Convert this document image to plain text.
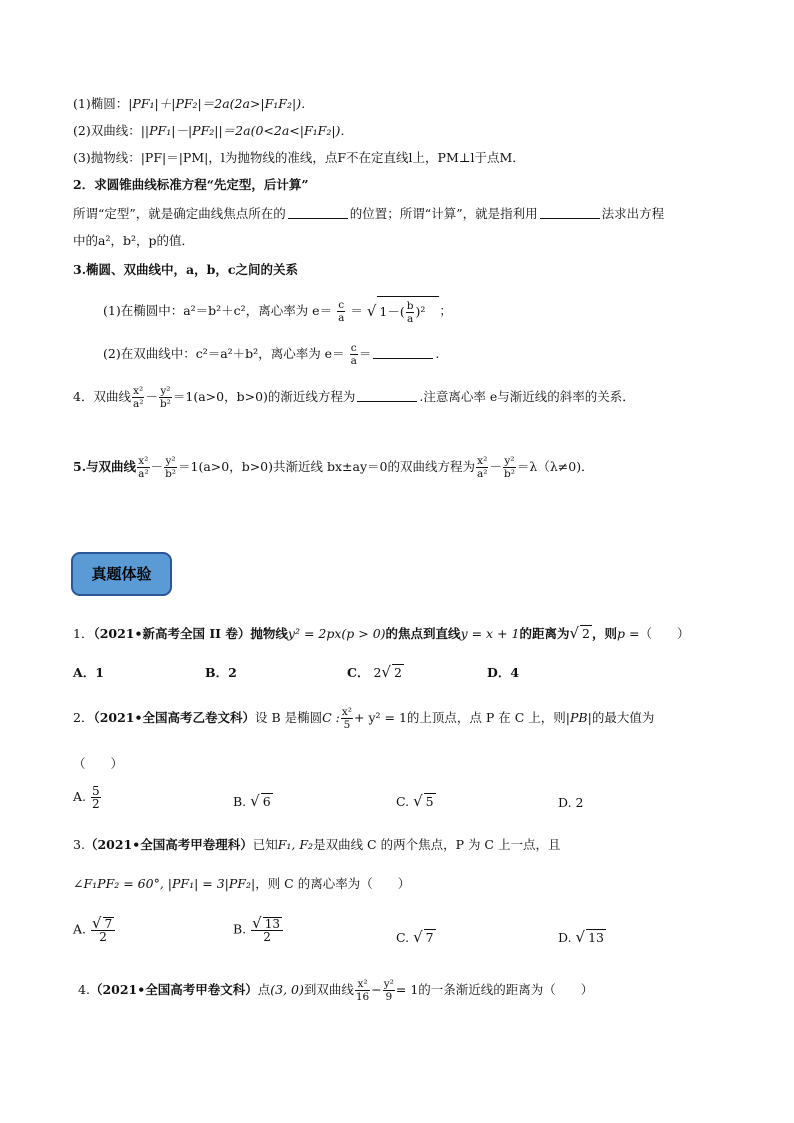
(1)椭圆：|PF₁|＋|PF₂|＝2a(2a>|F₁F₂|)．
(2)双曲线：||PF₁|－|PF₂||＝2a(0<2a<|F₁F₂|)．
(3)抛物线：|PF|＝|PM|，l为抛物线的准线，点F不在定直线l上，PM⊥l于点M．
2．求圆锥曲线标准方程“先定型，后计算”
所谓“定型”，就是确定曲线焦点所在的	的位置；所谓“计算”，就是指利用	法求出方程
中的a²，b²，p的值．
3.椭圆、双曲线中，a，b，c之间的关系
(1)在椭圆中：a²＝b²＋c²，离心率为 $e= \frac{c}{a}$ ＝ √ $1-( \frac{b}{a} )^2$ ；
(2)在双曲线中：c²＝a²＋b²，离心率为 $e= \frac{c}{a}$ ＝	.
4．双曲线 $\frac{\text{x²}}{\text{a²}} - \frac{\text{y²}}{\text{b²}} =1(a>0$，b>0)的渐近线方程为	.注意离心率 e与渐近线的斜率的关系．
5.与双曲线 $\frac{\text{x²}}{\text{a²}} - \frac{\text{y²}}{\text{b²}} =1(a>0$，b>0)共渐近线 bx±ay＝0的双曲线方程为 $\frac{\text{x²}}{\text{a²}} - \frac{\text{y²}}{\text{b²}} =\lambda(\lambda\ne 0)$．
真题体验
1．（2021•新高考全国 II 卷）抛物线y² = 2px(p > 0)的焦点到直线y = x + 1的距离为√ 2 ，则p =（　　）
A．1	B．2	C． 2√ 2	D．4
2．（2021•全国高考乙卷文科）设 B 是椭圆C : $\frac{\text{x²}}{5} + y^2 = 1$的上顶点，点 P 在 C 上，则|PB|的最大值为
（　　）
A. $\frac{5}{2}$	B. √ 6	C. √ 5	D. 2
3.（2021•全国高考甲卷理科）已知F₁, F₂是双曲线 C 的两个焦点，P 为 C 上一点，且
∠F₁PF₂ = 60°, |PF₁| = 3|PF₂|，则 C 的离心率为（　　）
A. $\frac{√ 7}{2}$	B. $\frac{√ 13}{2}$	C. √ 7	D. √ 13
4.（2021•全国高考甲卷文科）点(3, 0)到双曲线 $\frac{\text{x²}}{16} - \frac{\text{y²}}{9} = 1$的一条渐近线的距离为（　　）
